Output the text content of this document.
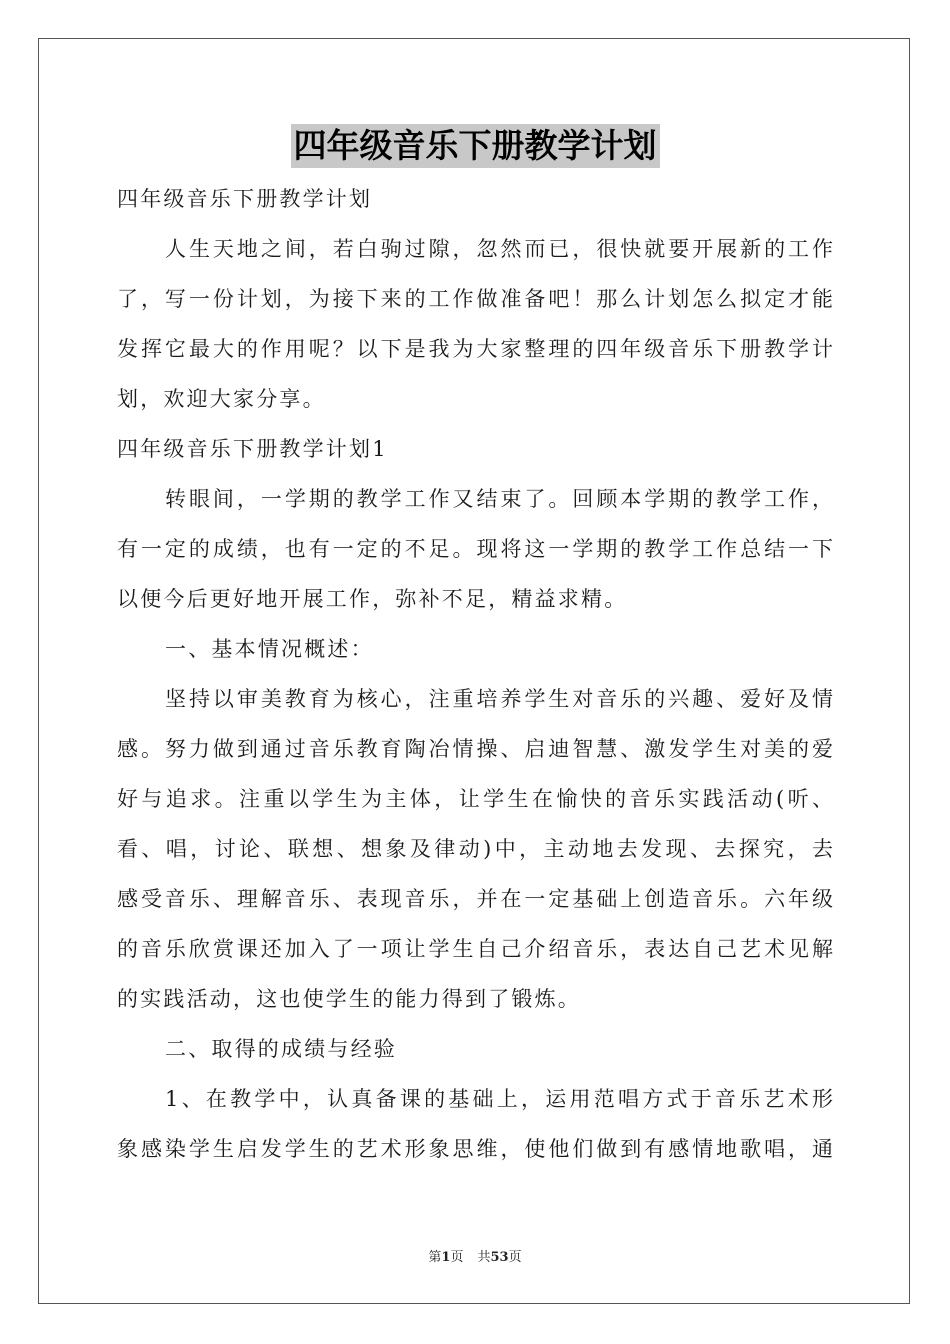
四年级音乐下册教学计划
四年级音乐下册教学计划
人生天地之间，若白驹过隙，忽然而已，很快就要开展新的工作
了，写一份计划，为接下来的工作做准备吧！那么计划怎么拟定才能
发挥它最大的作用呢？以下是我为大家整理的四年级音乐下册教学计
划，欢迎大家分享。
四年级音乐下册教学计划1
转眼间，一学期的教学工作又结束了。回顾本学期的教学工作，
有一定的成绩，也有一定的不足。现将这一学期的教学工作总结一下
以便今后更好地开展工作，弥补不足，精益求精。
一、基本情况概述：
坚持以审美教育为核心，注重培养学生对音乐的兴趣、爱好及情
感。努力做到通过音乐教育陶冶情操、启迪智慧、激发学生对美的爱
好与追求。注重以学生为主体，让学生在愉快的音乐实践活动(听、
看、唱，讨论、联想、想象及律动)中，主动地去发现、去探究，去
感受音乐、理解音乐、表现音乐，并在一定基础上创造音乐。六年级
的音乐欣赏课还加入了一项让学生自己介绍音乐，表达自己艺术见解
的实践活动，这也使学生的能力得到了锻炼。
二、取得的成绩与经验
1、在教学中，认真备课的基础上，运用范唱方式于音乐艺术形
象感染学生启发学生的艺术形象思维，使他们做到有感情地歌唱，通
第1页 共53页
